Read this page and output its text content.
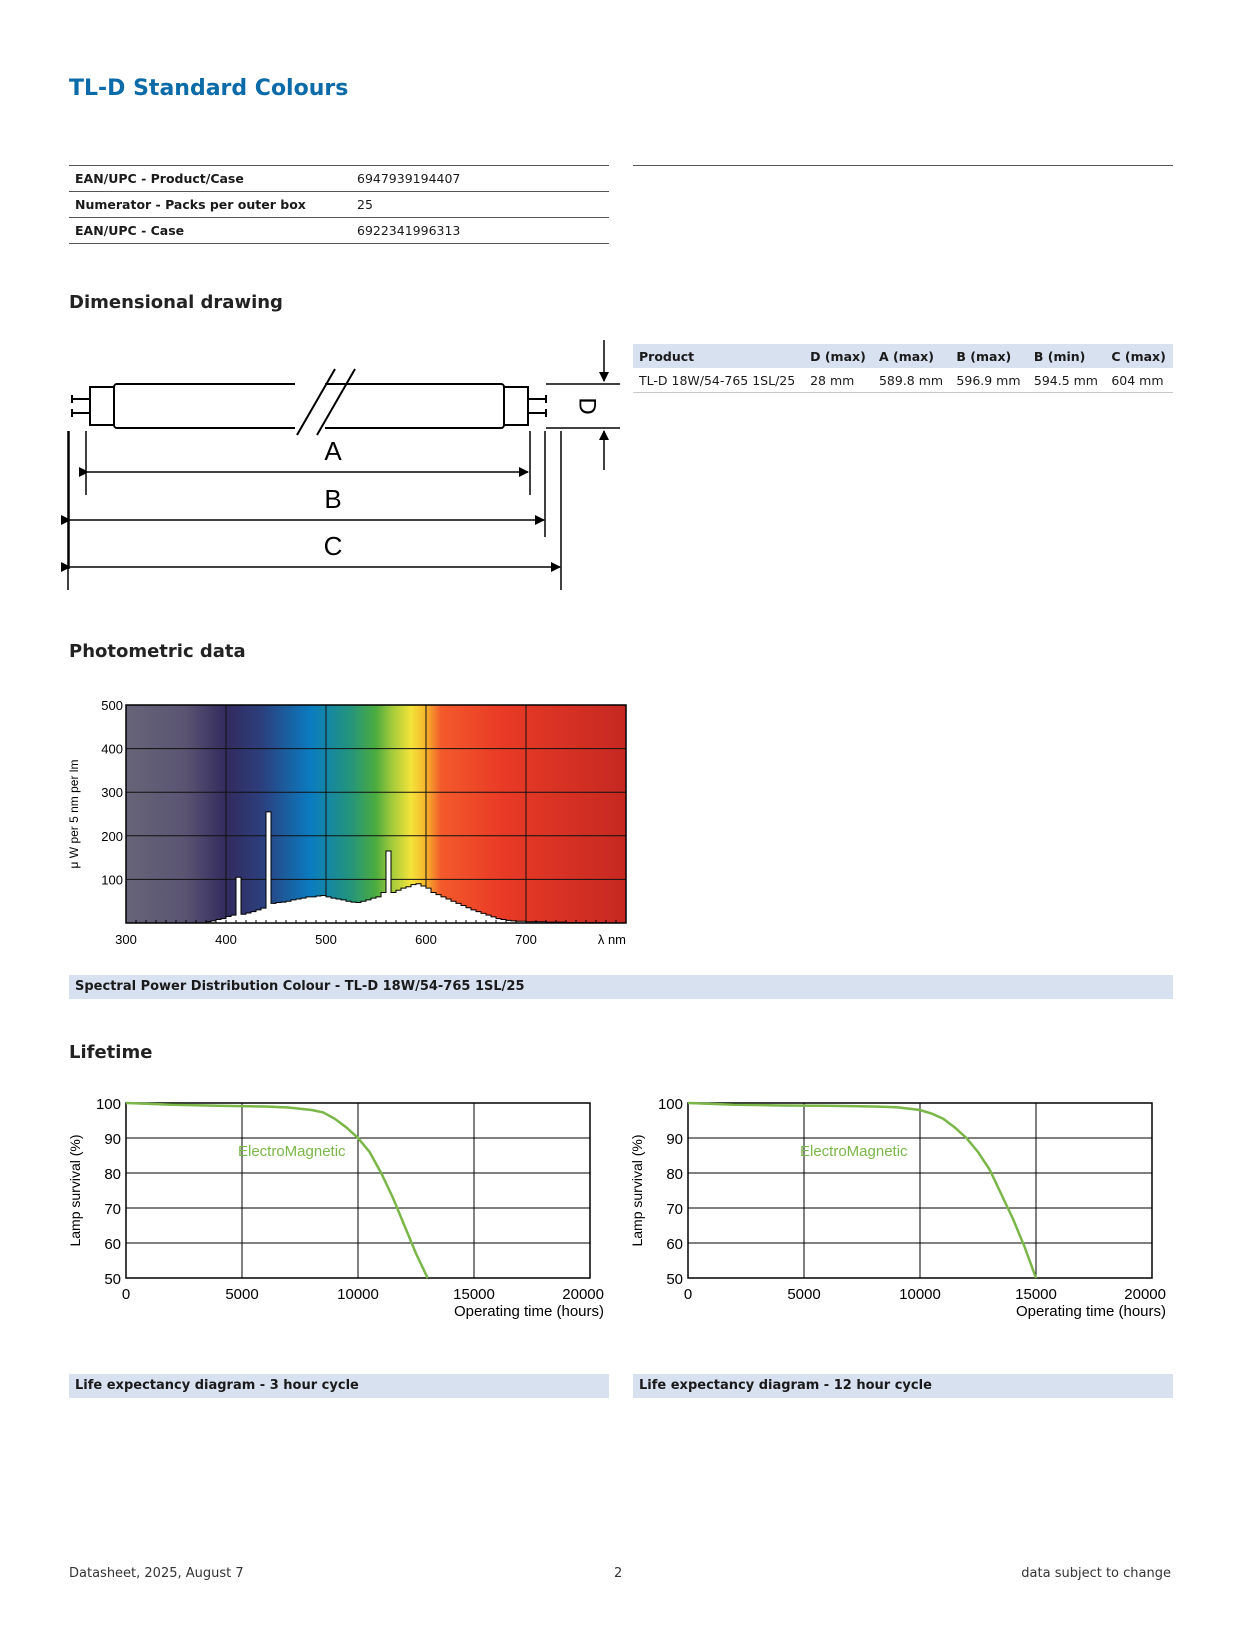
TL-D Standard Colours
EAN/UPC - Product/Case	6947939194407
Numerator - Packs per outer box	25
EAN/UPC - Case	6922341996313
Dimensional drawing
A
B
C
D
Product	D (max)	A (max)	B (max)	B (min)	C (max)
TL-D 18W/54-765 1SL/25	28 mm	589.8 mm	596.9 mm	594.5 mm	604 mm
Photometric data
100
200
300
400
500
300	400	500	600	700	λ nm
μ W per 5 nm per lm
Spectral Power Distribution Colour - TL-D 18W/54-765 1SL/25
Lifetime
ElectroMagnetic
50
60
70
80
90
100
0	5000	10000	15000	20000
Operating time (hours)
Lamp survival (%)	ElectroMagnetic
50
60
70
80
90
100
0	5000	10000	15000	20000
Operating time (hours)
Lamp survival (%)
Life expectancy diagram - 3 hour cycle	Life expectancy diagram - 12 hour cycle
Datasheet, 2025, August 7	2	data subject to change
